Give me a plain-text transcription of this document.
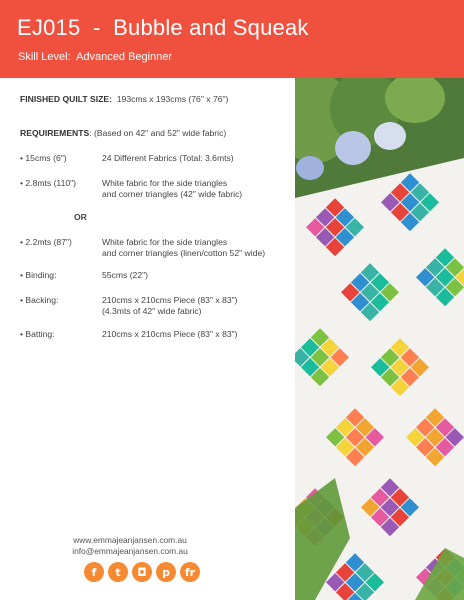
EJ015  -  Bubble and Squeak
Skill Level:  Advanced Beginner
FINISHED QUILT SIZE: 193cms x 193cms (76" x 76")
REQUIREMENTS: (Based on 42" and 52" wide fabric)
• 15cms (6")	24 Different Fabrics (Total: 3.6mts)
• 2.8mts (110")	White fabric for the side triangles
and corner triangles (42" wide fabric)
OR
• 2.2mts (87")	White fabric for the side triangles
and corner triangles (linen/cotton 52" wide)
• Binding:	55cms (22")
• Backing:	210cms x 210cms Piece (83" x 83")
(4.3mts of 42" wide fabric)
• Batting:	210cms x 210cms Piece (83" x 83")
www.emmajeanjansen.com.au
info@emmajeanjansen.com.au
f	t	◘	p	fr
